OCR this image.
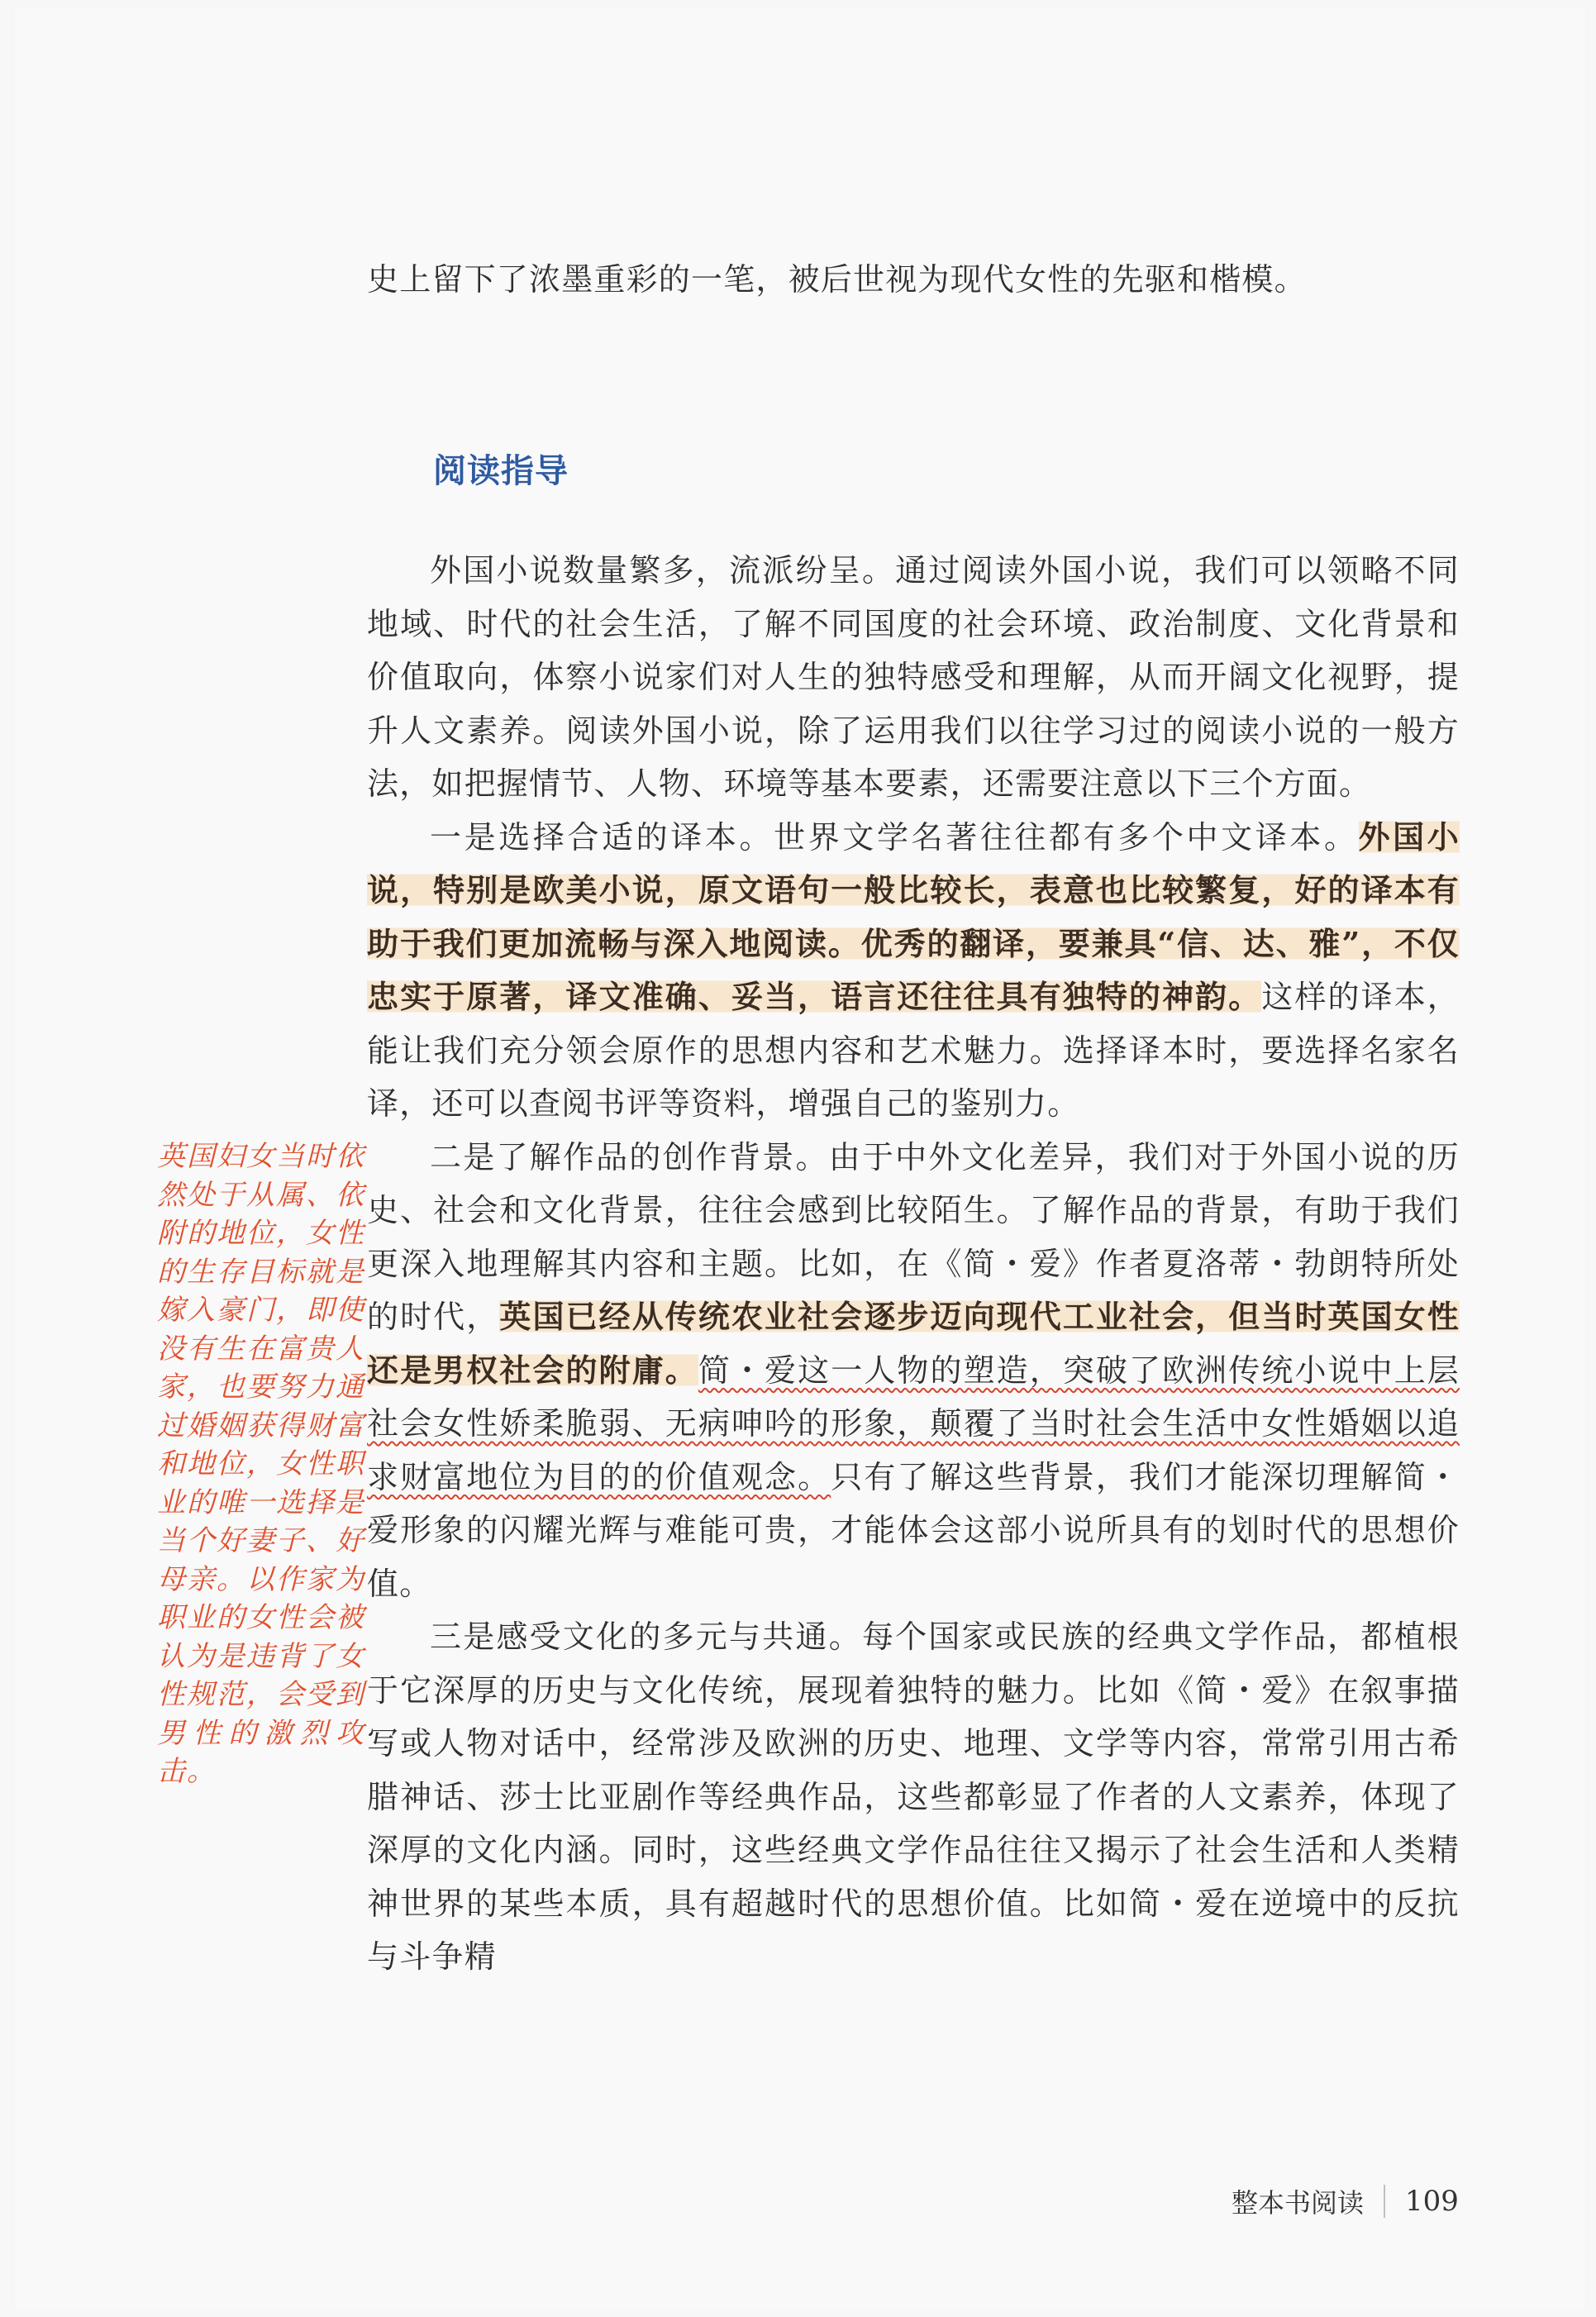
史上留下了浓墨重彩的一笔，被后世视为现代女性的先驱和楷模。

阅读指导

外国小说数量繁多，流派纷呈。通过阅读外国小说，我们可以领略不同地域、时代的社会生活，了解不同国度的社会环境、政治制度、文化背景和价值取向，体察小说家们对人生的独特感受和理解，从而开阔文化视野，提升人文素养。阅读外国小说，除了运用我们以往学习过的阅读小说的一般方法，如把握情节、人物、环境等基本要素，还需要注意以下三个方面。

一是选择合适的译本。世界文学名著往往都有多个中文译本。外国小说，特别是欧美小说，原文语句一般比较长，表意也比较繁复，好的译本有助于我们更加流畅与深入地阅读。优秀的翻译，要兼具“信、达、雅”，不仅忠实于原著，译文准确、妥当，语言还往往具有独特的神韵。这样的译本，能让我们充分领会原作的思想内容和艺术魅力。选择译本时，要选择名家名译，还可以查阅书评等资料，增强自己的鉴别力。

二是了解作品的创作背景。由于中外文化差异，我们对于外国小说的历史、社会和文化背景，往往会感到比较陌生。了解作品的背景，有助于我们更深入地理解其内容和主题。比如，在《简・爱》作者夏洛蒂・勃朗特所处的时代，英国已经从传统农业社会逐步迈向现代工业社会，但当时英国女性还是男权社会的附庸。简・爱这一人物的塑造，突破了欧洲传统小说中上层社会女性娇柔脆弱、无病呻吟的形象，颠覆了当时社会生活中女性婚姻以追求财富地位为目的的价值观念。只有了解这些背景，我们才能深切理解简・爱形象的闪耀光辉与难能可贵，才能体会这部小说所具有的划时代的思想价值。

三是感受文化的多元与共通。每个国家或民族的经典文学作品，都植根于它深厚的历史与文化传统，展现着独特的魅力。比如《简・爱》在叙事描写或人物对话中，经常涉及欧洲的历史、地理、文学等内容，常常引用古希腊神话、莎士比亚剧作等经典作品，这些都彰显了作者的人文素养，体现了深厚的文化内涵。同时，这些经典文学作品往往又揭示了社会生活和人类精神世界的某些本质，具有超越时代的思想价值。比如简・爱在逆境中的反抗与斗争精

英国妇女当时依然处于从属、依附的地位，女性的生存目标就是嫁入豪门，即使没有生在富贵人家，也要努力通过婚姻获得财富和地位，女性职业的唯一选择是当个好妻子、好母亲。以作家为职业的女性会被认为是违背了女性规范，会受到男性的激烈攻击。
整本书阅读 109
